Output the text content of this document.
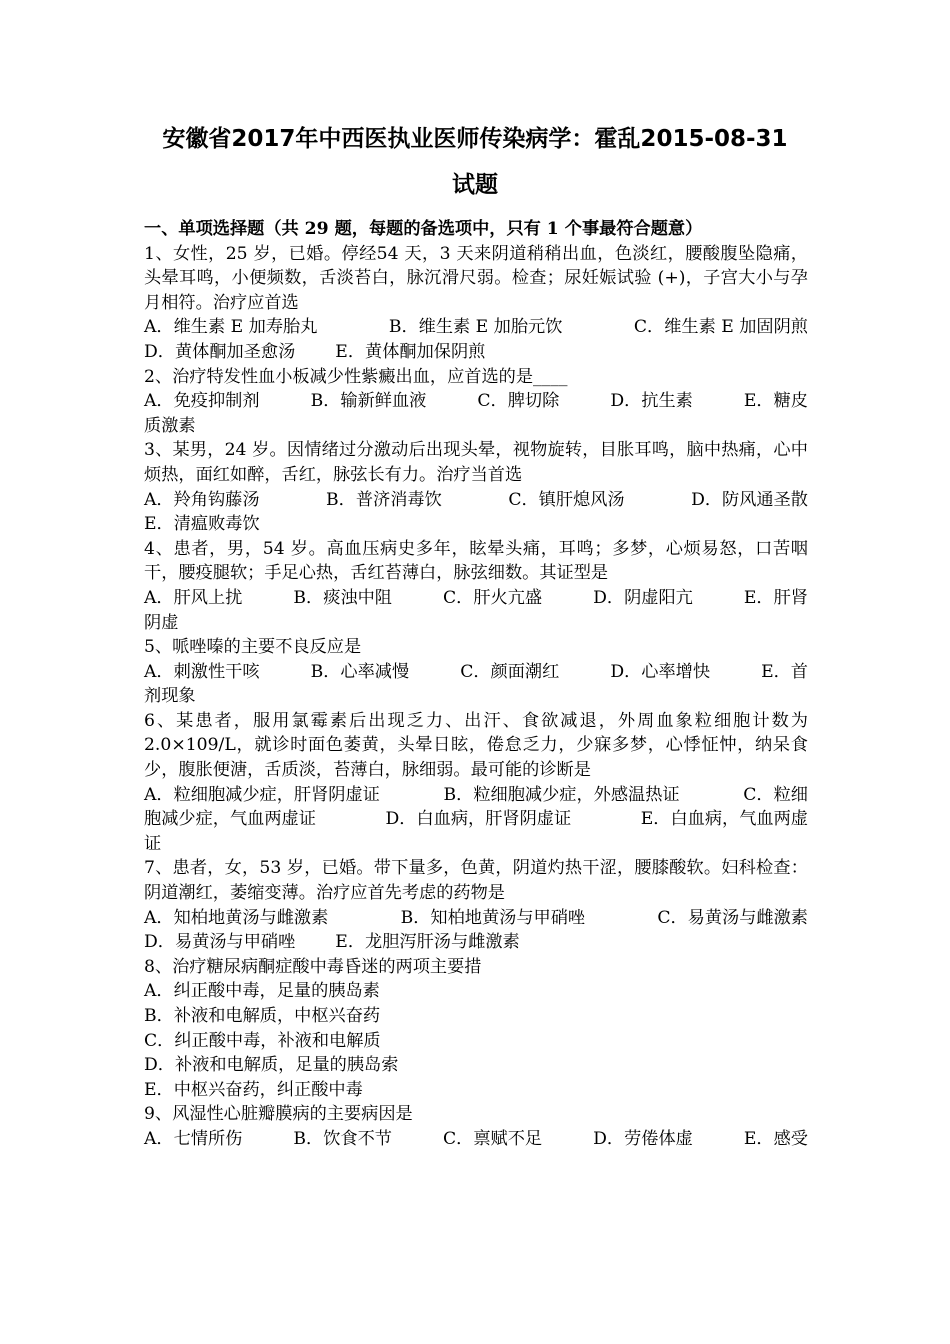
安徽省2017年中西医执业医师传染病学：霍乱2015-08-31
试题
一、单项选择题（共 29 题，每题的备选项中，只有 1 个事最符合题意）
1、女性，25 岁，已婚。停经54 天，3 天来阴道稍稍出血，色淡红，腰酸腹坠隐痛，头晕耳鸣，小便频数，舌淡苔白，脉沉滑尺弱。检查；尿妊娠试验 (+)，子宫大小与孕月相符。治疗应首选
A．维生素 E 加寿胎丸	B．维生素 E 加胎元饮	C．维生素 E 加固阴煎
D．黄体酮加圣愈汤 E．黄体酮加保阴煎
2、治疗特发性血小板减少性紫癜出血，应首选的是____
A．免疫抑制剂	B．输新鲜血液	C．脾切除	D．抗生素	E．糖皮
质激素
3、某男，24 岁。因情绪过分激动后出现头晕，视物旋转，目胀耳鸣，脑中热痛，心中烦热，面红如醉，舌红，脉弦长有力。治疗当首选
A．羚角钩藤汤	B．普济消毒饮	C．镇肝熄风汤	D．防风通圣散
E．清瘟败毒饮
4、患者，男，54 岁。高血压病史多年，眩晕头痛，耳鸣；多梦，心烦易怒，口苦咽干，腰疫腿软；手足心热，舌红苔薄白，脉弦细数。其证型是
A．肝风上扰	B．痰浊中阻	C．肝火亢盛	D．阴虚阳亢	E．肝肾
阴虚
5、哌唑嗪的主要不良反应是
A．刺激性干咳	B．心率减慢	C．颜面潮红	D．心率增快	E．首
剂现象
6、某患者，服用氯霉素后出现乏力、出汗、食欲减退，外周血象粒细胞计数为2.0×109/L，就诊时面色萎黄，头晕日眩，倦怠乏力，少寐多梦，心悸怔忡，纳呆食少，腹胀便溏，舌质淡，苔薄白，脉细弱。最可能的诊断是
A．粒细胞减少症，肝肾阴虚证	B．粒细胞减少症，外感温热证	C．粒细
胞减少症，气血两虚证	D．白血病，肝肾阴虚证	E．白血病，气血两虚
证
7、患者，女，53 岁，已婚。带下量多，色黄，阴道灼热干涩，腰膝酸软。妇科检查：阴道潮红，萎缩变薄。治疗应首先考虑的药物是
A．知柏地黄汤与雌激素	B．知柏地黄汤与甲硝唑	C．易黄汤与雌激素
D．易黄汤与甲硝唑 E．龙胆泻肝汤与雌激素
8、治疗糖尿病酮症酸中毒昏迷的两项主要措
A．纠正酸中毒，足量的胰岛素
B．补液和电解质，中枢兴奋药
C．纠正酸中毒，补液和电解质
D．补液和电解质，足量的胰岛索
E．中枢兴奋药，纠正酸中毒
9、风湿性心脏瓣膜病的主要病因是
A．七情所伤	B．饮食不节	C．禀赋不足	D．劳倦体虚	E．感受
